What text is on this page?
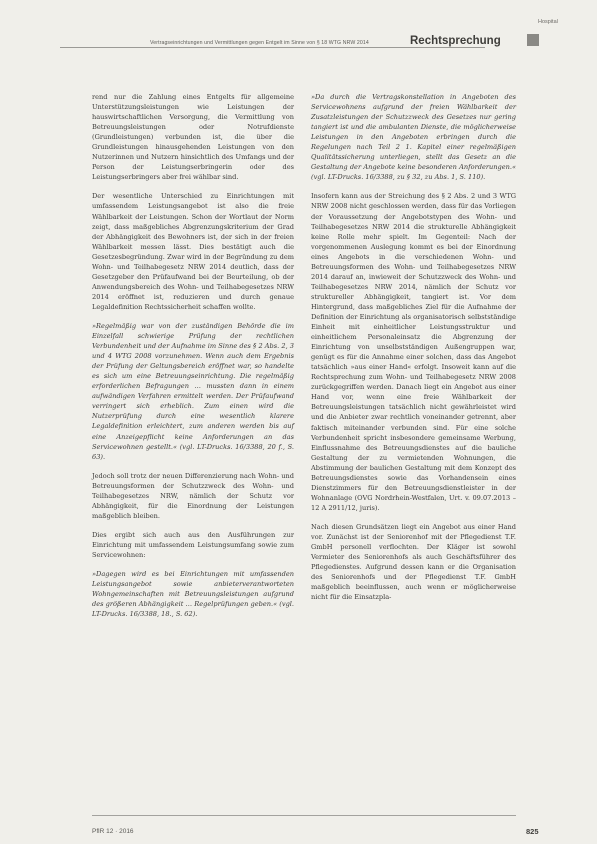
Hospital
Vertragseinrichtungen und Vermittlungen gegen Entgelt im Sinne von § 18 WTG NRW 2014	Rechtsprechung

rend nur die Zahlung eines Entgelts für allgemeine Unterstützungsleistungen wie Leistungen der hauswirtschaftlichen Versorgung, die Vermittlung von Betreuungsleistungen oder Notrufdienste (Grundleistungen) verbunden ist, die über die Grundleistungen hinausgehenden Leistungen von den Nutzerinnen und Nutzern hinsichtlich des Umfangs und der Person der Leistungserbringerin oder des Leistungserbringers aber frei wählbar sind.

Der wesentliche Unterschied zu Einrichtungen mit umfassendem Leistungsangebot ist also die freie Wählbarkeit der Leistungen. Schon der Wortlaut der Norm zeigt, dass maßgebliches Abgrenzungskriterium der Grad der Abhängigkeit des Bewohners ist, der sich in der freien Wählbarkeit messen lässt. Dies bestätigt auch die Gesetzesbegründung. Zwar wird in der Begründung zu dem Wohn- und Teilhabegesetz NRW 2014 deutlich, dass der Gesetzgeber den Prüfaufwand bei der Beurteilung, ob der Anwendungsbereich des Wohn- und Teilhabegesetzes NRW 2014 eröffnet ist, reduzieren und durch genaue Legaldefinition Rechtssicherheit schaffen wollte.

»Regelmäßig war von der zuständigen Behörde die im Einzelfall schwierige Prüfung der rechtlichen Verbundenheit und der Aufnahme im Sinne des § 2 Abs. 2, 3 und 4 WTG 2008 vorzunehmen. Wenn auch dem Ergebnis der Prüfung der Geltungsbereich eröffnet war, so handelte es sich um eine Betreuungseinrichtung. Die regelmäßig erforderlichen Befragungen … mussten dann in einem aufwändigen Verfahren ermittelt werden. Der Prüfaufwand verringert sich erheblich. Zum einen wird die Nutzerprüfung durch eine wesentlich klarere Legaldefinition erleichtert, zum anderen werden bis auf eine Anzeigepflicht keine Anforderungen an das Servicewohnen gestellt.« (vgl. LT-Drucks. 16/3388, 20 f., S. 63).

Jedoch soll trotz der neuen Differenzierung nach Wohn- und Betreuungsformen der Schutzzweck des Wohn- und Teilhabegesetzes NRW, nämlich der Schutz vor Abhängigkeit, für die Einordnung der Leistungen maßgeblich bleiben.

Dies ergibt sich auch aus den Ausführungen zur Einrichtung mit umfassendem Leistungsumfang sowie zum Servicewohnen:

»Dagegen wird es bei Einrichtungen mit umfassenden Leistungsangebot sowie anbieterverantworteten Wohngemeinschaften mit Betreuungsleistungen aufgrund des größeren Abhängigkeit … Regelprüfungen geben.« (vgl. LT-Drucks. 16/3388, 18., S. 62).

»Da durch die Vertragskonstellation in Angeboten des Servicewohnens aufgrund der freien Wählbarkeit der Zusatzleistungen der Schutzzweck des Gesetzes nur gering tangiert ist und die ambulanten Dienste, die möglicherweise Leistungen in den Angeboten erbringen durch die Regelungen nach Teil 2 1. Kapitel einer regelmäßigen Qualitätssicherung unterliegen, stellt das Gesetz an die Gestaltung der Angebote keine besonderen Anforderungen.« (vgl. LT-Drucks. 16/3388, zu § 32, zu Abs. 1, S. 110).

Insofern kann aus der Streichung des § 2 Abs. 2 und 3 WTG NRW 2008 nicht geschlossen werden, dass für das Vorliegen der Voraussetzung der Angebotstypen des Wohn- und Teilhabegesetzes NRW 2014 die strukturelle Abhängigkeit keine Rolle mehr spielt. Im Gegenteil: Nach der vorgenommenen Auslegung kommt es bei der Einordnung eines Angebots in die verschiedenen Wohn- und Betreuungsformen des Wohn- und Teilhabegesetzes NRW 2014 darauf an, inwieweit der Schutzzweck des Wohn- und Teilhabegesetzes NRW 2014, nämlich der Schutz vor struktureller Abhängigkeit, tangiert ist. Vor dem Hintergrund, dass maßgebliches Ziel für die Aufnahme der Definition der Einrichtung als organisatorisch selbstständige Einheit mit einheitlicher Leistungsstruktur und einheitlichem Personaleinsatz die Abgrenzung der Einrichtung von unselbstständigen Außengruppen war, genügt es für die Annahme einer solchen, dass das Angebot tatsächlich »aus einer Hand« erfolgt. Insoweit kann auf die Rechtsprechung zum Wohn- und Teilhabegesetz NRW 2008 zurückgegriffen werden. Danach liegt ein Angebot aus einer Hand vor, wenn eine freie Wählbarkeit der Betreuungsleistungen tatsächlich nicht gewährleistet wird und die Anbieter zwar rechtlich voneinander getrennt, aber faktisch miteinander verbunden sind. Für eine solche Verbundenheit spricht insbesondere gemeinsame Werbung, Einflussnahme des Betreuungsdienstes auf die bauliche Gestaltung der zu vermietenden Wohnungen, die Abstimmung der baulichen Gestaltung mit dem Konzept des Betreuungsdienstes sowie das Vorhandensein eines Dienstzimmers für den Betreuungsdienstleister in der Wohnanlage (OVG Nordrhein-Westfalen, Urt. v. 09.07.2013 – 12 A 2911/12, juris).

Nach diesen Grundsätzen liegt ein Angebot aus einer Hand vor. Zunächst ist der Seniorenhof mit der Pflegedienst T.F. GmbH personell verflochten. Der Kläger ist sowohl Vermieter des Seniorenhofs als auch Geschäftsführer des Pflegedienstes. Aufgrund dessen kann er die Organisation des Seniorenhofs und der Pflegedienst T.F. GmbH maßgeblich beeinflussen, auch wenn er möglicherweise nicht für die Einsatzpla-

PflR 12 · 2016	825
